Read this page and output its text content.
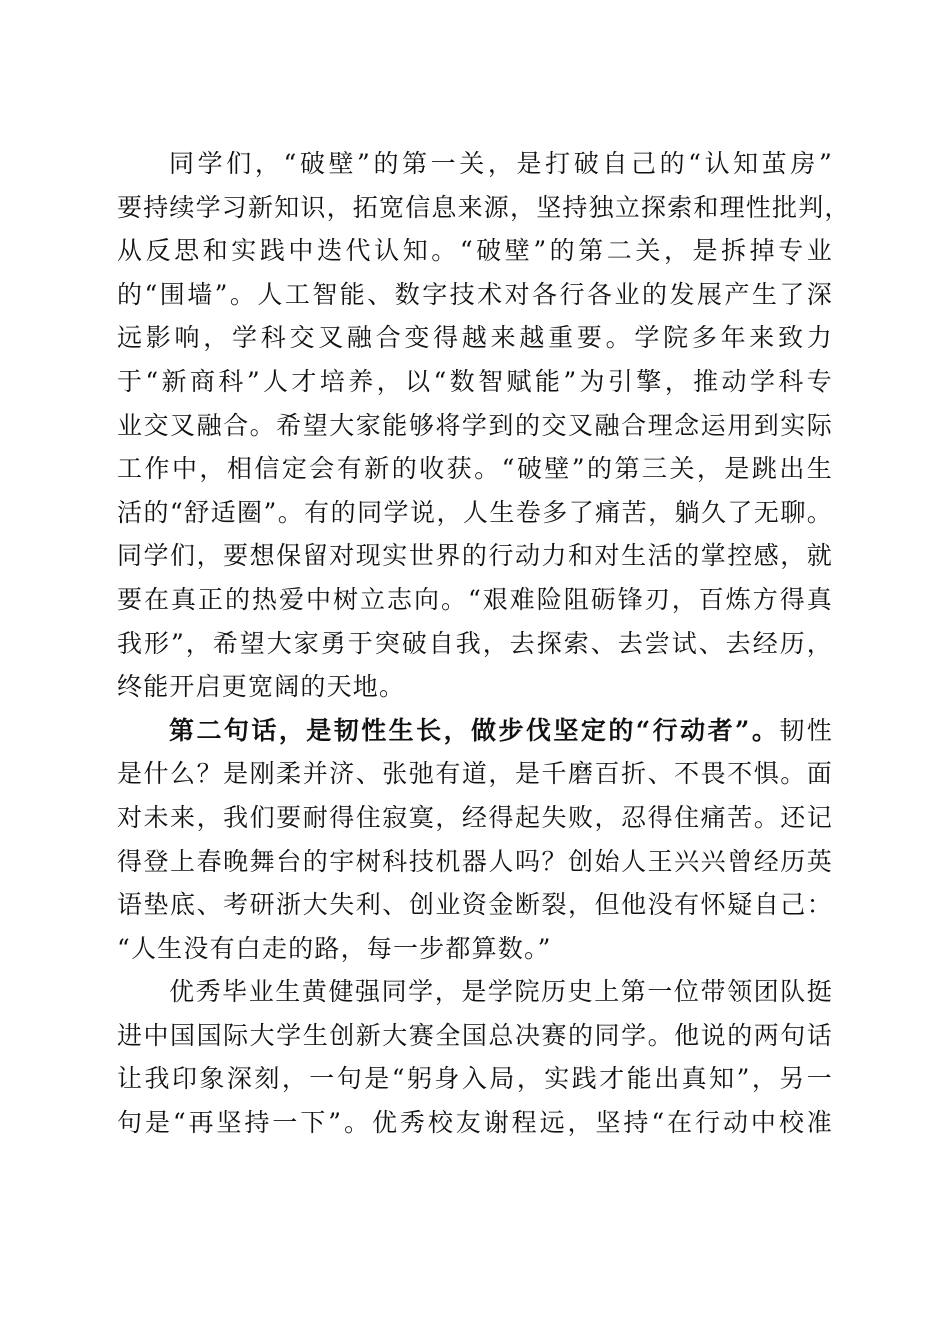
同学们，“破壁”的第一关，是打破自己的“认知茧房”
要持续学习新知识，拓宽信息来源，坚持独立探索和理性批判，
从反思和实践中迭代认知。“破壁”的第二关，是拆掉专业
的“围墙”。人工智能、数字技术对各行各业的发展产生了深
远影响，学科交叉融合变得越来越重要。学院多年来致力
于“新商科”人才培养，以“数智赋能”为引擎，推动学科专
业交叉融合。希望大家能够将学到的交叉融合理念运用到实际
工作中，相信定会有新的收获。“破壁”的第三关，是跳出生
活的“舒适圈”。有的同学说，人生卷多了痛苦，躺久了无聊。
同学们，要想保留对现实世界的行动力和对生活的掌控感，就
要在真正的热爱中树立志向。“艰难险阻砺锋刃，百炼方得真
我形”，希望大家勇于突破自我，去探索、去尝试、去经历，
终能开启更宽阔的天地。
第二句话，是韧性生长，做步伐坚定的“行动者”。韧性
是什么？是刚柔并济、张弛有道，是千磨百折、不畏不惧。面
对未来，我们要耐得住寂寞，经得起失败，忍得住痛苦。还记
得登上春晚舞台的宇树科技机器人吗？创始人王兴兴曾经历英
语垫底、考研浙大失利、创业资金断裂，但他没有怀疑自己：
“人生没有白走的路，每一步都算数。”
优秀毕业生黄健强同学，是学院历史上第一位带领团队挺
进中国国际大学生创新大赛全国总决赛的同学。他说的两句话
让我印象深刻，一句是“躬身入局，实践才能出真知”，另一
句是“再坚持一下”。优秀校友谢程远，坚持“在行动中校准
